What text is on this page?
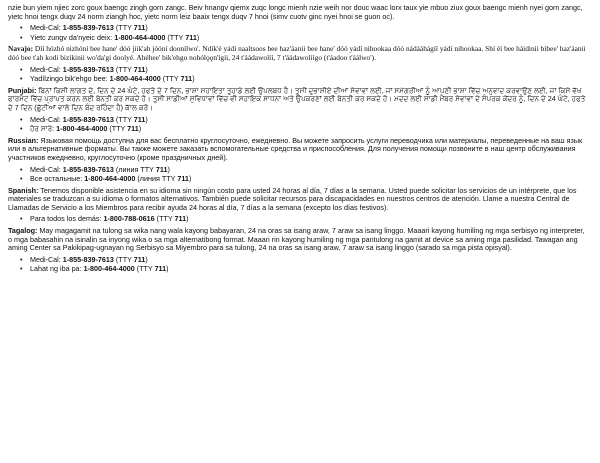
nzie bun yiem njiec zorc goux baengc zingh gorn zangc. Beiv hnangv qiemx zuqc longc mienh nzie weih nor douc waac lorx taux yie mbuo ziux goux baengc mienh nyei gorn zangc, yietc hnoi tengx duqv 24 norm ziangh hoc, yietc norm leiz baaix tengx duqv 7 hnoi (simv cuotv ginc nyei hnoi se guon oc).

• Medi-Cal: 1-855-839-7613 (TTY 711)
• Yietc zungv da'nyeic deix: 1-800-464-4000 (TTY 711)

Navajo: Díí hózhó nizhóní bee hane' dóó jiik'ah jóóní doonílwo'. Ndík'é yádí naaltsoos bee haz'áanii bee hane' dóó yádí nihookaa dóó nádááhágíí yádí nihookaa. Shí éí bee háidinii bibee' haz'áanii dóó bee t'ah kodi bizikinii wo'da'gi doolyé. Ahéhee' bik'ehgo nohólǫǫn'igii, 24 t'áádawolíí, 7 t'áádawolíígo (t'áadoo t'áálwo').

• Medi-Cal: 1-855-839-7613 (TTY 711)
• Yadílzingo bik'ehgo bee: 1-800-464-4000 (TTY 711)

Punjabi: ਬਿਨਾਂ ਕਿਸੀ ਲਾਗਤ ਦੇ, ਦਿਨ ਦੇ 24 ਘੰਟੇ, ਹਫਤੇ ਦੇ 7 ਦਿਨ, ਭਾਸ਼ਾ ਸਹਾਇਤਾ ਤੁਹਾਡੇ ਲਈ ਉਪਲਬਧ ਹੈ। ਤੁਸੀਂ ਦੁਭਾਸ਼ੀਏ ਦੀਆਂ ਸੇਵਾਵਾਂ ਲਈ, ਜਾਂ ਸਮੱਗਰੀਆਂ ਨੂੰ ਆਪਣੀ ਭਾਸ਼ਾ ਵਿੱਚ ਅਨੁਵਾਦ ਕਰਵਾਉਣ ਲਈ, ਜਾਂ ਕਿਸੇ ਵੱਖ ਫਾਰਮੈਟ ਵਿੱਚ ਪ੍ਰਾਪਤ ਕਰਨ ਲਈ ਬੇਨਤੀ ਕਰ ਸਕਦੇ ਹੋ। ਤੁਸੀਂ ਸਾਡੀਆਂ ਸੁਵਿਧਾਵਾਂ ਵਿੱਚ ਵੀ ਸਹਾਇਕ ਸਾਧਨਾਂ ਅਤੇ ਉਪਕਰਣਾਂ ਲਈ ਬੇਨਤੀ ਕਰ ਸਕਦੇ ਹੋ। ਮਦਦ ਲਈ ਸਾਡੀ ਮੈਂਬਰ ਸੇਵਾਵਾਂ ਦੇ ਸੰਪਰਕ ਕੇਂਦਰ ਨੂੰ, ਦਿਨ ਦੇ 24 ਘੰਟੇ, ਹਫਤੇ ਦੇ 7 ਦਿਨ (ਛੁੱਟੀਆਂ ਵਾਲੇ ਦਿਨ ਬੰਦ ਰਹਿੰਦਾ ਹੈ) ਕਾੱਲ ਕਰੋ।

• Medi-Cal: 1-855-839-7613 (TTY 711)
• ਹੋਰ ਸਾਰੇ: 1-800-464-4000 (TTY 711)

Russian: Языковая помощь доступна для вас бесплатно круглосуточно, ежедневно. Вы можете запросить услуги переводчика или материалы, переведенные на ваш язык или в альтернативные форматы. Вы также можете заказать вспомогательные средства и приспособления. Для получения помощи позвоните в наш центр обслуживания участников ежедневно, круглосуточно (кроме праздничных дней).

• Medi-Cal: 1-855-839-7613 (линия TTY 711)
• Все остальные: 1-800-464-4000 (линия TTY 711)

Spanish: Tenemos disponible asistencia en su idioma sin ningún costo para usted 24 horas al día, 7 días a la semana. Usted puede solicitar los servicios de un intérprete, que los materiales se traduzcan a su idioma o formatos alternativos. También puede solicitar recursos para discapacidades en nuestros centros de atención. Llame a nuestra Central de Llamadas de Servicio a los Miembros para recibir ayuda 24 horas al día, 7 días a la semana (excepto los días festivos).

• Para todos los demás: 1-800-788-0616 (TTY 711)

Tagalog: May magagamit na tulong sa wika nang wala kayong babayaran, 24 na oras sa isang araw, 7 araw sa isang linggo. Maaari kayong humiling ng mga serbisyo ng interpreter, o mga babasahin na isinalin sa inyong wika o sa mga alternatibong format. Maaari rin kayong humiling ng mga pantulong na gamit at device sa aming mga pasilidad. Tawagan ang aming Center sa Pakikipag-ugnayan ng Serbisyo sa Miyembro para sa tulong, 24 na oras sa isang araw, 7 araw sa isang linggo (sarado sa mga pista opisyal).

• Medi-Cal: 1-855-839-7613 (TTY 711)
• Lahat ng iba pa: 1-800-464-4000 (TTY 711)
